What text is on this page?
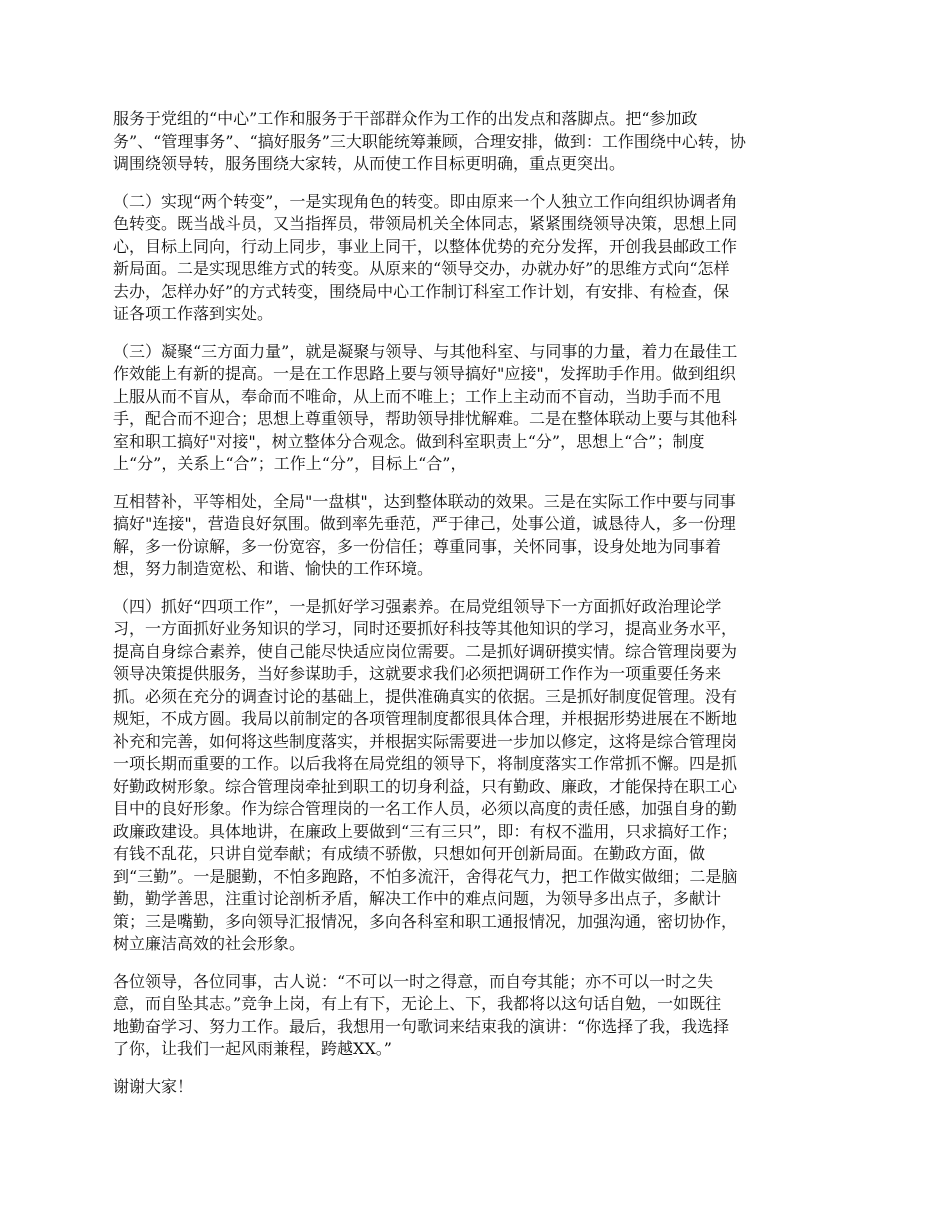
服务于党组的“中心”工作和服务于干部群众作为工作的出发点和落脚点。把“参加政
务”、“管理事务”、“搞好服务”三大职能统筹兼顾，合理安排，做到：工作围绕中心转，协
调围绕领导转，服务围绕大家转，从而使工作目标更明确，重点更突出。
（二）实现“两个转变”，一是实现角色的转变。即由原来一个人独立工作向组织协调者角
色转变。既当战斗员，又当指挥员，带领局机关全体同志，紧紧围绕领导决策，思想上同
心，目标上同向，行动上同步，事业上同干，以整体优势的充分发挥，开创我县邮政工作
新局面。二是实现思维方式的转变。从原来的“领导交办，办就办好”的思维方式向“怎样
去办，怎样办好”的方式转变，围绕局中心工作制订科室工作计划，有安排、有检查，保
证各项工作落到实处。
（三）凝聚“三方面力量”，就是凝聚与领导、与其他科室、与同事的力量，着力在最佳工
作效能上有新的提高。一是在工作思路上要与领导搞好"应接"，发挥助手作用。做到组织
上服从而不盲从，奉命而不唯命，从上而不唯上；工作上主动而不盲动，当助手而不甩
手，配合而不迎合；思想上尊重领导，帮助领导排忧解难。二是在整体联动上要与其他科
室和职工搞好"对接"，树立整体分合观念。做到科室职责上“分”，思想上“合”；制度
上“分”，关系上“合”；工作上“分”，目标上“合”，
互相替补，平等相处，全局"一盘棋"，达到整体联动的效果。三是在实际工作中要与同事
搞好"连接"，营造良好氛围。做到率先垂范，严于律己，处事公道，诚恳待人，多一份理
解，多一份谅解，多一份宽容，多一份信任；尊重同事，关怀同事，设身处地为同事着
想，努力制造宽松、和谐、愉快的工作环境。
（四）抓好“四项工作”，一是抓好学习强素养。在局党组领导下一方面抓好政治理论学
习，一方面抓好业务知识的学习，同时还要抓好科技等其他知识的学习，提高业务水平，
提高自身综合素养，使自己能尽快适应岗位需要。二是抓好调研摸实情。综合管理岗要为
领导决策提供服务，当好参谋助手，这就要求我们必须把调研工作作为一项重要任务来
抓。必须在充分的调查讨论的基础上，提供准确真实的依据。三是抓好制度促管理。没有
规矩，不成方圆。我局以前制定的各项管理制度都很具体合理，并根据形势进展在不断地
补充和完善，如何将这些制度落实，并根据实际需要进一步加以修定，这将是综合管理岗
一项长期而重要的工作。以后我将在局党组的领导下，将制度落实工作常抓不懈。四是抓
好勤政树形象。综合管理岗牵扯到职工的切身利益，只有勤政、廉政，才能保持在职工心
目中的良好形象。作为综合管理岗的一名工作人员，必须以高度的责任感，加强自身的勤
政廉政建设。具体地讲，在廉政上要做到“三有三只”，即：有权不滥用，只求搞好工作；
有钱不乱花，只讲自觉奉献；有成绩不骄傲，只想如何开创新局面。在勤政方面，做
到“三勤”。一是腿勤，不怕多跑路，不怕多流汗，舍得花气力，把工作做实做细；二是脑
勤，勤学善思，注重讨论剖析矛盾，解决工作中的难点问题，为领导多出点子，多献计
策；三是嘴勤，多向领导汇报情况，多向各科室和职工通报情况，加强沟通，密切协作，
树立廉洁高效的社会形象。
各位领导，各位同事，古人说：“不可以一时之得意，而自夸其能；亦不可以一时之失
意，而自坠其志。”竞争上岗，有上有下，无论上、下，我都将以这句话自勉，一如既往
地勤奋学习、努力工作。最后，我想用一句歌词来结束我的演讲：“你选择了我，我选择
了你，让我们一起风雨兼程，跨越XX。”
谢谢大家！
